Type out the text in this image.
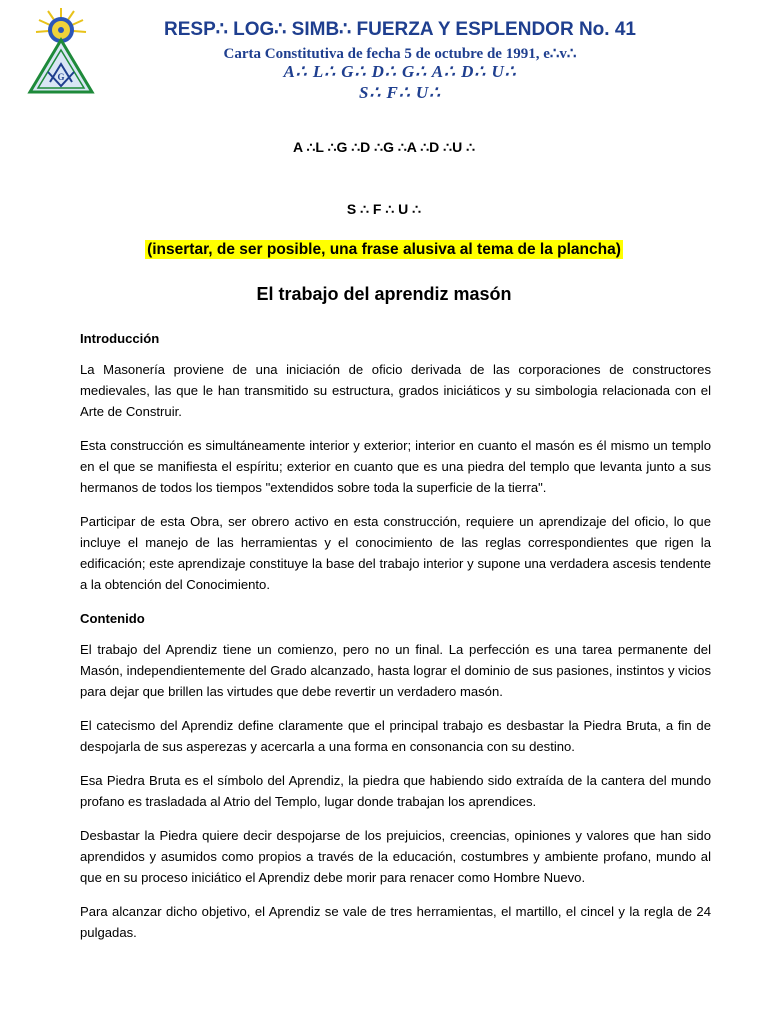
G
RESP∴ LOG∴ SIMB∴ FUERZA Y ESPLENDOR No. 41
Carta Constitutiva de fecha 5 de octubre de 1991, e∴v∴
A∴ L∴ G∴ D∴ G∴ A∴ D∴ U∴
S∴ F∴ U∴
A ∴L ∴G ∴D ∴G ∴A ∴D ∴U ∴
S ∴ F ∴ U ∴
(insertar, de ser posible, una frase alusiva al tema de la plancha)
El trabajo del aprendiz masón
Introducción

La Masonería proviene de una iniciación de oficio derivada de las corporaciones de constructores medievales, las que le han transmitido su estructura, grados iniciáticos y su simbologia relacionada con el Arte de Construir.

Esta construcción es simultáneamente interior y exterior; interior en cuanto el masón es él mismo un templo en el que se manifiesta el espíritu; exterior en cuanto que es una piedra del templo que levanta junto a sus hermanos de todos los tiempos "extendidos sobre toda la superficie de la tierra".

Participar de esta Obra, ser obrero activo en esta construcción, requiere un aprendizaje del oficio, lo que incluye el manejo de las herramientas y el conocimiento de las reglas correspondientes que rigen la edificación; este aprendizaje constituye la base del trabajo interior y supone una verdadera ascesis tendente a la obtención del Conocimiento.

Contenido

El trabajo del Aprendiz tiene un comienzo, pero no un final. La perfección es una tarea permanente del Masón, independientemente del Grado alcanzado, hasta lograr el dominio de sus pasiones, instintos y vicios para dejar que brillen las virtudes que debe revertir un verdadero masón.

El catecismo del Aprendiz define claramente que el principal trabajo es desbastar la Piedra Bruta, a fin de despojarla de sus asperezas y acercarla a una forma en consonancia con su destino.

Esa Piedra Bruta es el símbolo del Aprendiz, la piedra que habiendo sido extraída de la cantera del mundo profano es trasladada al Atrio del Templo, lugar donde trabajan los aprendices.

Desbastar la Piedra quiere decir despojarse de los prejuicios, creencias, opiniones y valores que han sido aprendidos y asumidos como propios a través de la educación, costumbres y ambiente profano, mundo al que en su proceso iniciático el Aprendiz debe morir para renacer como Hombre Nuevo.

Para alcanzar dicho objetivo, el Aprendiz se vale de tres herramientas, el martillo, el cincel y la regla de 24 pulgadas.
